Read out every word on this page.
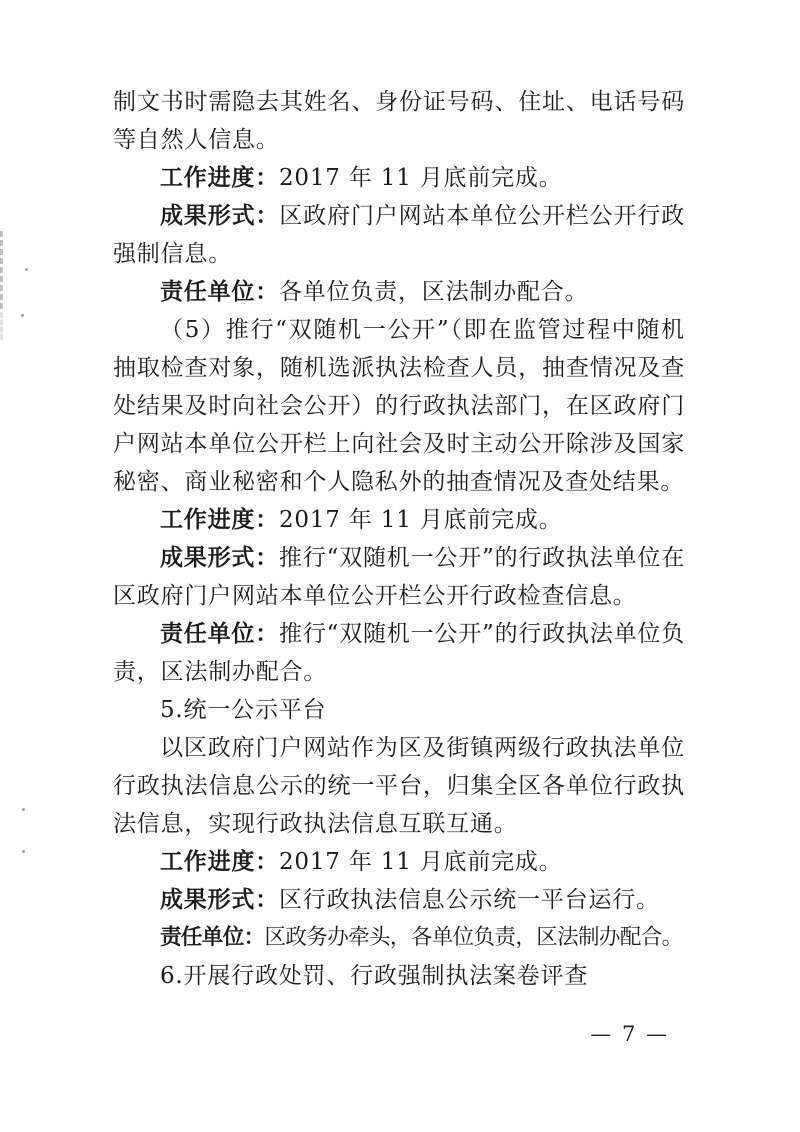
制文书时需隐去其姓名、身份证号码、住址、电话号码等自然人信息。

工作进度：2017 年 11 月底前完成。

成果形式：区政府门户网站本单位公开栏公开行政强制信息。

责任单位：各单位负责，区法制办配合。

（5）推行“双随机一公开”（即在监管过程中随机抽取检查对象，随机选派执法检查人员，抽查情况及查处结果及时向社会公开）的行政执法部门，在区政府门户网站本单位公开栏上向社会及时主动公开除涉及国家秘密、商业秘密和个人隐私外的抽查情况及查处结果。

工作进度：2017 年 11 月底前完成。

成果形式：推行“双随机一公开”的行政执法单位在区政府门户网站本单位公开栏公开行政检查信息。

责任单位：推行“双随机一公开”的行政执法单位负责，区法制办配合。

5.统一公示平台

以区政府门户网站作为区及街镇两级行政执法单位行政执法信息公示的统一平台，归集全区各单位行政执法信息，实现行政执法信息互联互通。

工作进度：2017 年 11 月底前完成。

成果形式：区行政执法信息公示统一平台运行。

责任单位：区政务办牵头，各单位负责，区法制办配合。

6.开展行政处罚、行政强制执法案卷评查

— 7 —
